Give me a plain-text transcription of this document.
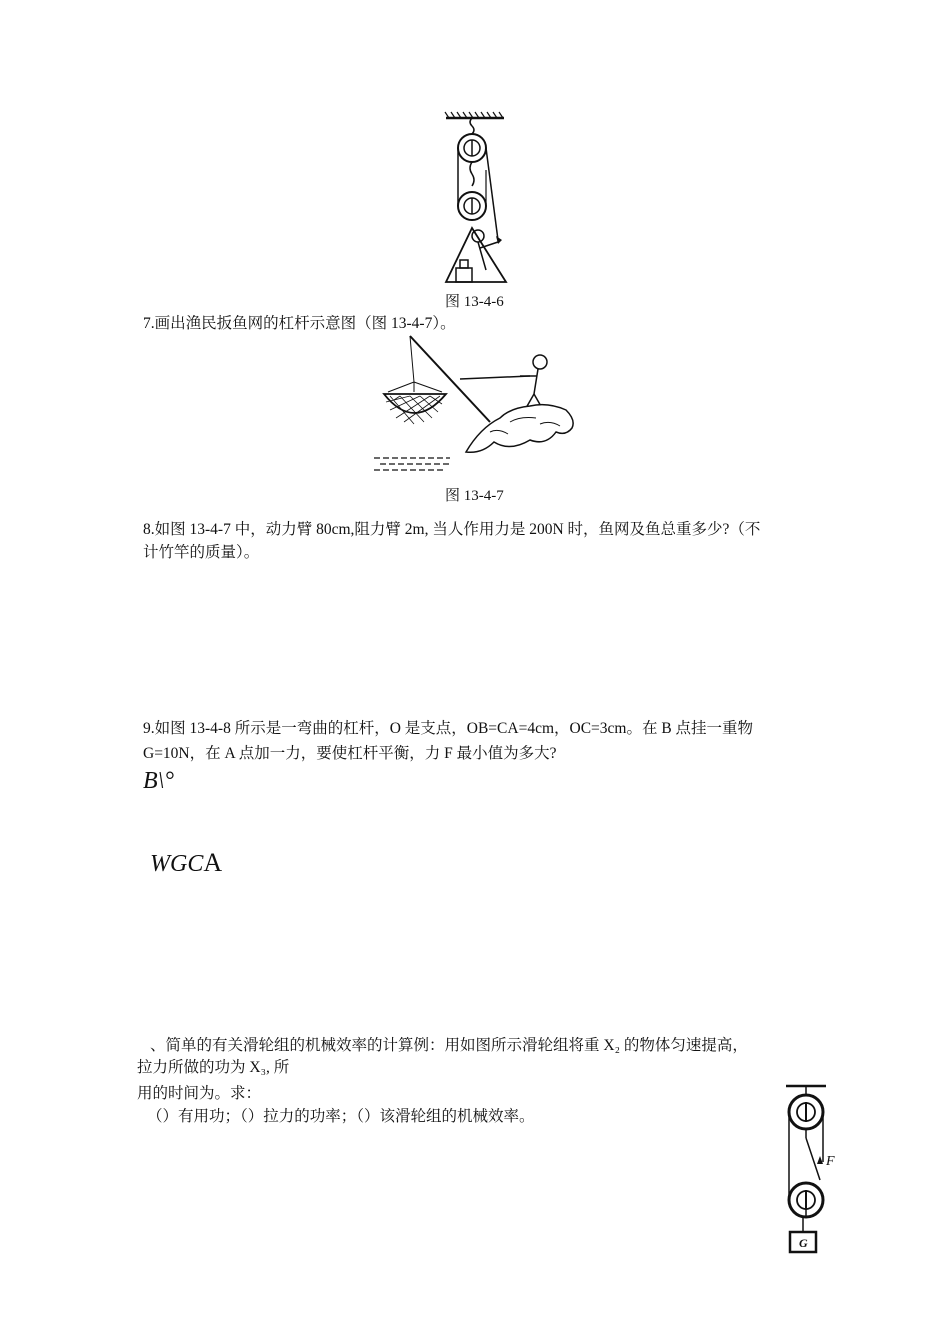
图 13-4-6
7.画出渔民扳鱼网的杠杆示意图（图 13-4-7）。
图 13-4-7
8.如图 13-4-7 中，动力臂 80cm,阻力臂 2m, 当人作用力是 200N 时，鱼网及鱼总重多少?（不
计竹竿的质量）。
9.如图 13-4-8 所示是一弯曲的杠杆，O 是支点，OB=CA=4cm，OC=3cm。在 B 点挂一重物
G=10N，在 A 点加一力，要使杠杆平衡，力 F 最小值为多大?
B\°
WGCA
、简单的有关滑轮组的机械效率的计算例：用如图所示滑轮组将重 X₂ 的物体匀速提高，
拉力所做的功为 X₃, 所
用的时间为。求：
（）有用功；（）拉力的功率；（）该滑轮组的机械效率。
F
G
